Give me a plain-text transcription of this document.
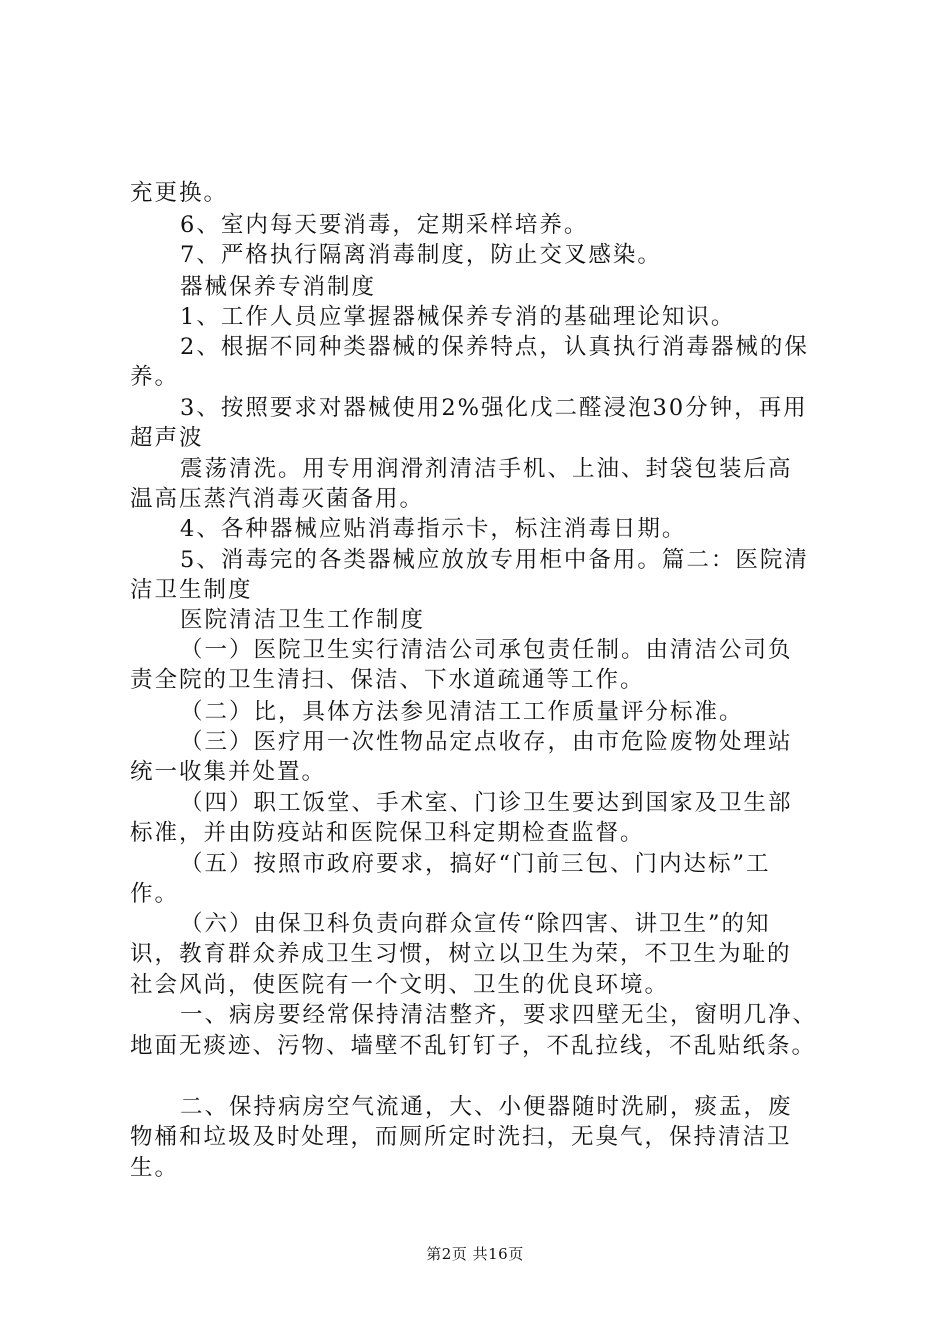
充更换。
6、室内每天要消毒，定期采样培养。
7、严格执行隔离消毒制度，防止交叉感染。
器械保养专消制度
1、工作人员应掌握器械保养专消的基础理论知识。
2、根据不同种类器械的保养特点，认真执行消毒器械的保
养。
3、按照要求对器械使用2%强化戊二醛浸泡30分钟，再用
超声波
震荡清洗。用专用润滑剂清洁手机、上油、封袋包装后高
温高压蒸汽消毒灭菌备用。
4、各种器械应贴消毒指示卡，标注消毒日期。
5、消毒完的各类器械应放放专用柜中备用。篇二：医院清
洁卫生制度
医院清洁卫生工作制度
（一）医院卫生实行清洁公司承包责任制。由清洁公司负
责全院的卫生清扫、保洁、下水道疏通等工作。
（二）比，具体方法参见清洁工工作质量评分标准。
（三）医疗用一次性物品定点收存，由市危险废物处理站
统一收集并处置。
（四）职工饭堂、手术室、门诊卫生要达到国家及卫生部
标准，并由防疫站和医院保卫科定期检查监督。
（五）按照市政府要求，搞好“门前三包、门内达标”工
作。
（六）由保卫科负责向群众宣传“除四害、讲卫生”的知
识，教育群众养成卫生习惯，树立以卫生为荣，不卫生为耻的
社会风尚，使医院有一个文明、卫生的优良环境。
一、病房要经常保持清洁整齐，要求四壁无尘，窗明几净、
地面无痰迹、污物、墙壁不乱钉钉子，不乱拉线，不乱贴纸条。
二、保持病房空气流通，大、小便器随时洗刷，痰盂，废
物桶和垃圾及时处理，而厕所定时洗扫，无臭气，保持清洁卫
生。
第2页 共16页
